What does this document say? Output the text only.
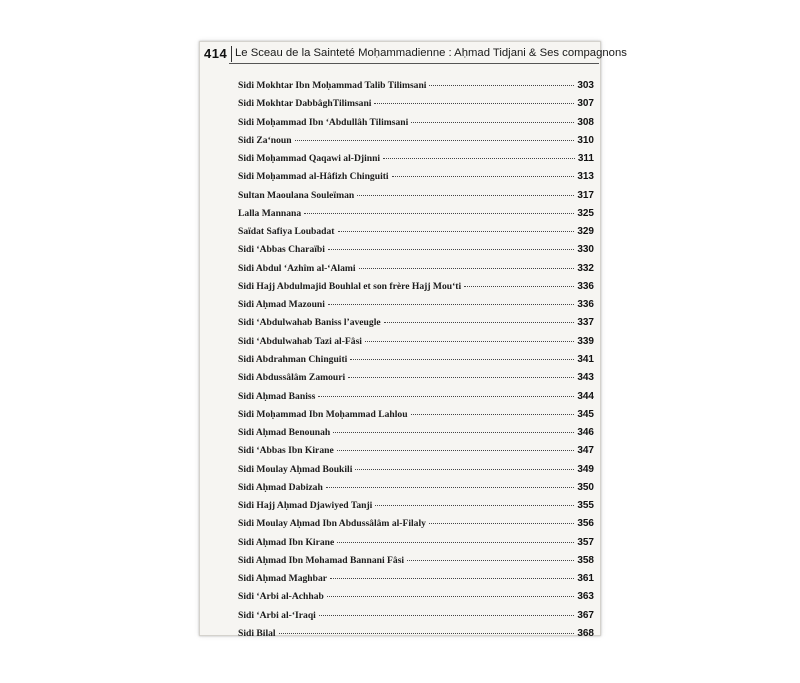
414 Le Sceau de la Sainteté Moḥammadienne : Aḥmad Tidjani & Ses compagnons
Sidi Mokhtar Ibn Moḥammad Talib Tilimsani	303
Sidi Mokhtar DabbâghTilimsani	307
Sidi Moḥammad Ibn ‘Abdullâh Tilimsani	308
Sidi Za‘noun	310
Sidi Moḥammad Qaqawi al-Djinni	311
Sidi Moḥammad al-Hâfizh Chinguiti	313
Sultan Maoulana Souleïman	317
Lalla Mannana	325
Saïdat Safiya Loubadat	329
Sidi ‘Abbas Charaïbi	330
Sidi Abdul ‘Azhîm al-‘Alami	332
Sidi Hajj Abdulmajid Bouhlal et son frère Hajj Mou‘ti	336
Sidi Aḥmad Mazouni	336
Sidi ‘Abdulwahab Baniss l’aveugle	337
Sidi ‘Abdulwahab Tazi al-Fâsi	339
Sidi Abdrahman Chinguiti	341
Sidi Abdussâlâm Zamouri	343
Sidi Aḥmad Baniss	344
Sidi Moḥammad Ibn Moḥammad Lahlou	345
Sidi Aḥmad Benounah	346
Sidi ‘Abbas Ibn Kirane	347
Sidi Moulay Aḥmad Boukili	349
Sidi Aḥmad Dabizah	350
Sidi Hajj Aḥmad Djawiyed Tanji	355
Sidi Moulay Aḥmad Ibn Abdussâlâm al-Filaly	356
Sidi Aḥmad Ibn Kirane	357
Sidi Aḥmad Ibn Mohamad Bannani Fâsi	358
Sidi Aḥmad Maghbar	361
Sidi ‘Arbi al-Achhab	363
Sidi ‘Arbi al-‘Iraqi	367
Sidi Bilal	368
